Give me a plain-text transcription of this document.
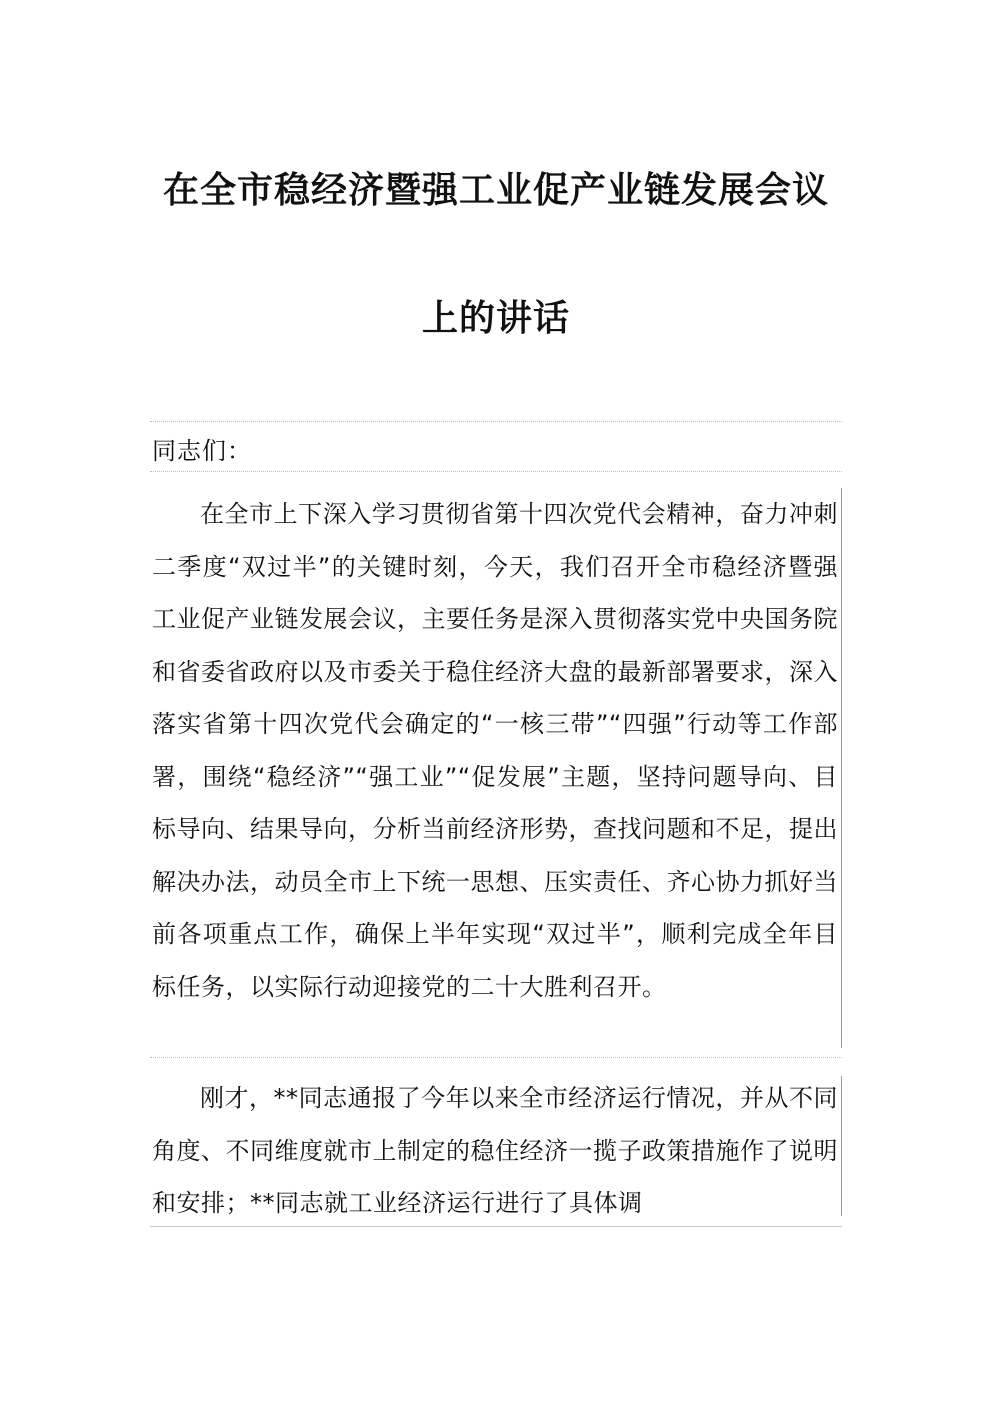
在全市稳经济暨强工业促产业链发展会议
上的讲话
同志们：

在全市上下深入学习贯彻省第十四次党代会精神，奋力冲刺二季度“双过半”的关键时刻，今天，我们召开全市稳经济暨强工业促产业链发展会议，主要任务是深入贯彻落实党中央国务院和省委省政府以及市委关于稳住经济大盘的最新部署要求，深入落实省第十四次党代会确定的“一核三带”“四强”行动等工作部署，围绕“稳经济”“强工业”“促发展”主题，坚持问题导向、目标导向、结果导向，分析当前经济形势，查找问题和不足，提出解决办法，动员全市上下统一思想、压实责任、齐心协力抓好当前各项重点工作，确保上半年实现“双过半”，顺利完成全年目标任务，以实际行动迎接党的二十大胜利召开。

刚才，**同志通报了今年以来全市经济运行情况，并从不同角度、不同维度就市上制定的稳住经济一揽子政策措施作了说明和安排；**同志就工业经济运行进行了具体调
